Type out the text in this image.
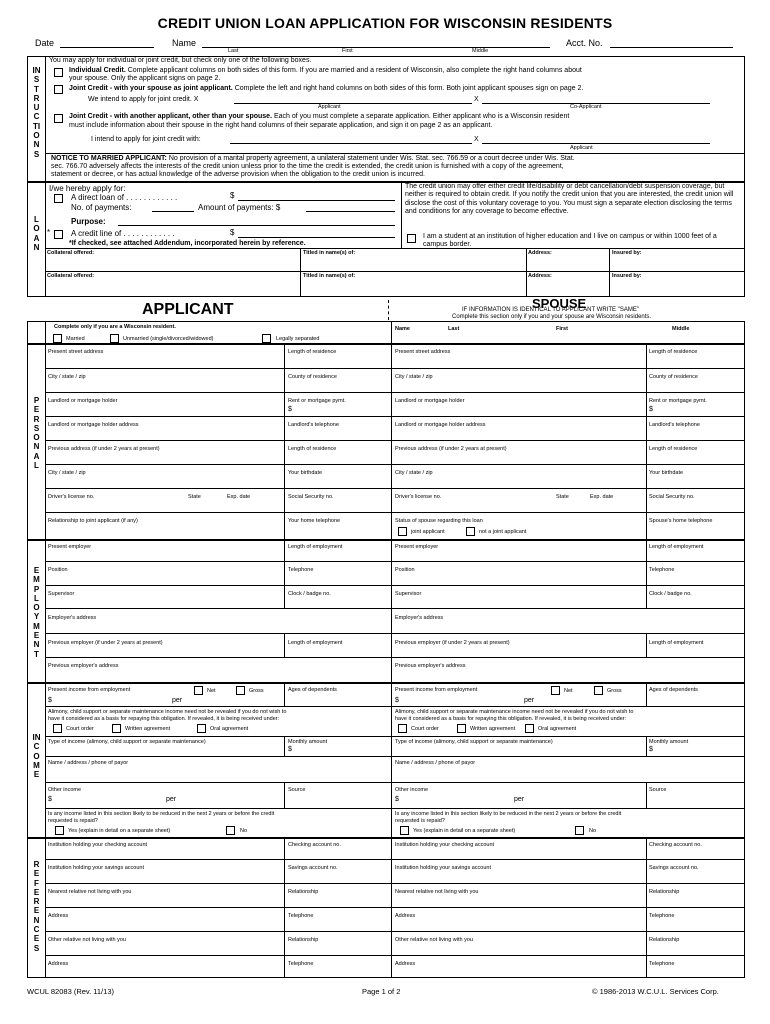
CREDIT UNION LOAN APPLICATION FOR WISCONSIN RESIDENTS
Date	Name
Last	First	Middle
Acct. No.
INSTRUCTIONS
You may apply for individual or joint credit, but check only one of the following boxes.
Individual Credit. Complete applicant columns on both sides of this form. If you are married and a resident of Wisconsin, also complete the right hand columns about
your spouse. Only the applicant signs on page 2.
Joint Credit - with your spouse as joint applicant. Complete the left and right hand columns on both sides of this form. Both joint applicant spouses sign on page 2.
We intend to apply for joint credit. X	X
Applicant	Co-Applicant
Joint Credit - with another applicant, other than your spouse. Each of you must complete a separate application. Either applicant who is a Wisconsin resident
must include information about their spouse in the right hand columns of their separate application, and sign it on page 2 as an applicant.
I intend to apply for joint credit with:	X
Applicant
NOTICE TO MARRIED APPLICANT: No provision of a marital property agreement, a unilateral statement under Wis. Stat. sec. 766.59 or a court decree under Wis. Stat.
sec. 766.70 adversely affects the interests of the credit union unless prior to the time the credit is extended, the credit union is furnished with a copy of the agreement,
statement or decree, or has actual knowledge of the adverse provision when the obligation to the credit union is incurred.
LOAN
I/we hereby apply for:
A direct loan of . . . . . . . . . . . .	$
No. of payments:	Amount of payments: $
Purpose:
*	A credit line of . . . . . . . . . . . .	$
*If checked, see attached Addendum, incorporated herein by reference.
The credit union may offer either credit life/disability or debt cancellation/debt suspension coverage, but neither is required to obtain credit. If you notify the credit union that you are interested, the credit union will disclose the cost of this voluntary coverage to you. You must sign a separate election disclosing the terms and conditions for any coverage to become effective.
I am a student at an institution of higher education and I live on campus or within 1000 feet of a campus border.
Collateral offered:	Titled in name(s) of:	Address:	Insured by:
Collateral offered:	Titled in name(s) of:	Address:	Insured by:
APPLICANT	SPOUSE
IF INFORMATION IS IDENTICAL TO APPLICANT WRITE "SAME"
Complete this section only if you and your spouse are Wisconsin residents.
Complete only if you are a Wisconsin resident.
Married	Unmarried (single/divorced/widowed)	Legally separated
Name	Last	First	Middle
PERSONAL
Present street address	Length of residence
City / state / zip	County of residence
Landlord or mortgage holder	Rent or mortgage pymt.
$
Landlord or mortgage holder address	Landlord's telephone
Previous address (if under 2 years at present)	Length of residence
City / state / zip	Your birthdate
Driver's license no.	State	Exp. date	Social Security no.
Relationship to joint applicant (if any)	Your home telephone
Present street address	Length of residence
City / state / zip	County of residence
Landlord or mortgage holder	Rent or mortgage pymt.
$
Landlord or mortgage holder address	Landlord's telephone
Previous address (if under 2 years at present)	Length of residence
City / state / zip	Your birthdate
Driver's license no.	State	Exp. date	Social Security no.
Status of spouse regarding this loan
joint applicant	not a joint applicant
Spouse's home telephone
EMPLOYMENT
Present employer	Length of employment
Position	Telephone
Supervisor	Clock / badge no.
Employer's address
Previous employer (if under 2 years at present)	Length of employment
Previous employer's address
Present employer	Length of employment
Position	Telephone
Supervisor	Clock / badge no.
Employer's address
Previous employer (if under 2 years at present)	Length of employment
Previous employer's address
INCOME
Present income from employment	Net	Gross
$	per
Ages of dependents
Alimony, child support or separate maintenance income need not be revealed if you do not wish to
have it considered as a basis for repaying this obligation. If revealed, it is being received under:
Court order	Written agreement	Oral agreement
Type of income (alimony, child support or separate maintenance)	Monthly amount
$
Name / address / phone of payor
Other income
$	per
Source
Is any income listed in this section likely to be reduced in the next 2 years or before the credit
requested is repaid?
Yes (explain in detail on a separate sheet)	No
Present income from employment	Net	Gross
$	per
Ages of dependents
Alimony, child support or separate maintenance income need not be revealed if you do not wish to
have it considered as a basis for repaying this obligation. If revealed, it is being received under:
Court order	Written agreement	Oral agreement
Type of income (alimony, child support or separate maintenance)	Monthly amount
$
Name / address / phone of payor
Other income
$	per
Source
Is any income listed in this section likely to be reduced in the next 2 years or before the credit
requested is repaid?
Yes (explain in detail on a separate sheet)	No
REFERENCES
Institution holding your checking account	Checking account no.
Institution holding your savings account	Savings account no.
Nearest relative not living with you	Relationship
Address	Telephone
Other relative not living with you	Relationship
Address	Telephone
Institution holding your checking account	Checking account no.
Institution holding your savings account	Savings account no.
Nearest relative not living with you	Relationship
Address	Telephone
Other relative not living with you	Relationship
Address	Telephone
WCUL 82083 (Rev. 11/13)	Page 1 of 2	© 1986-2013 W.C.U.L. Services Corp.
